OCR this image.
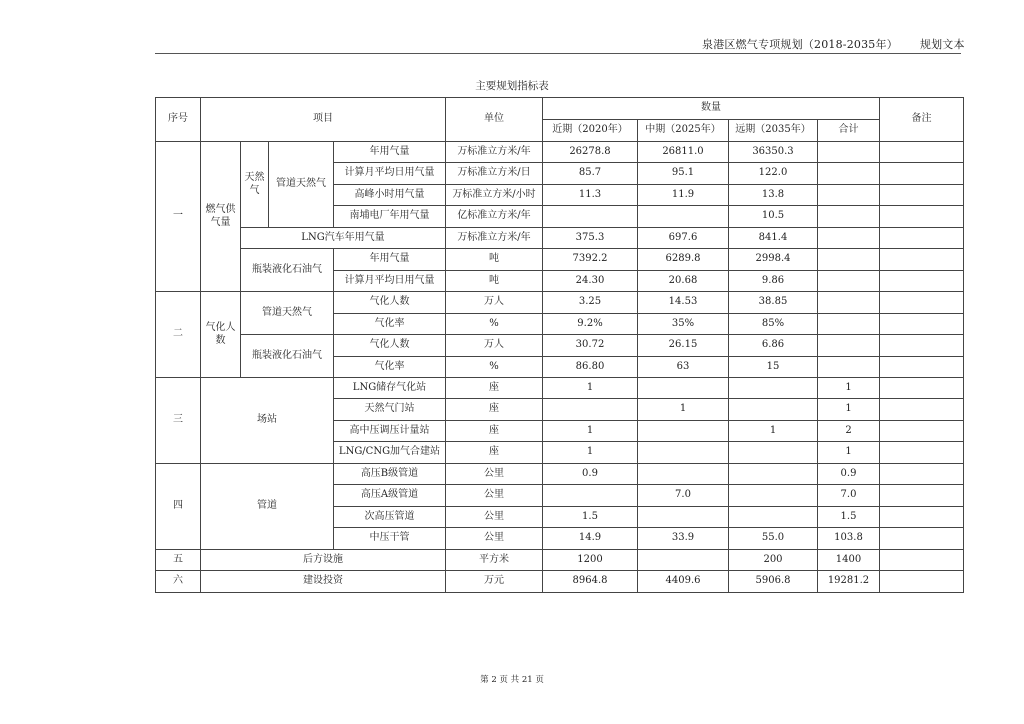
泉港区燃气专项规划（2018-2035年） 规划文本
主要规划指标表
序号	项目				单位	数量				备注
						近期（2020年）	中期（2025年）	远期（2035年）	合计	
一	燃气供气量	天然气	管道天然气	年用气量	万标准立方米/年	26278.8	26811.0	36350.3		
				计算月平均日用气量	万标准立方米/日	85.7	95.1	122.0		
				高峰小时用气量	万标准立方米/小时	11.3	11.9	13.8		
				南埔电厂年用气量	亿标准立方米/年			10.5		
		LNG汽车年用气量			万标准立方米/年	375.3	697.6	841.4		
		瓶装液化石油气		年用气量	吨	7392.2	6289.8	2998.4		
				计算月平均日用气量	吨	24.30	20.68	9.86		
二	气化人数	管道天然气		气化人数	万人	3.25	14.53	38.85		
				气化率	%	9.2%	35%	85%		
		瓶装液化石油气		气化人数	万人	30.72	26.15	6.86		
				气化率	%	86.80	63	15		
三	场站			LNG储存气化站	座	1			1	
				天然气门站	座		1		1	
				高中压调压计量站	座	1		1	2	
				LNG/CNG加气合建站	座	1			1	
四	管道			高压B级管道	公里	0.9			0.9	
				高压A级管道	公里		7.0		7.0	
				次高压管道	公里	1.5			1.5	
				中压干管	公里	14.9	33.9	55.0	103.8	
五	后方设施				平方米	1200		200	1400	
六	建设投资				万元	8964.8	4409.6	5906.8	19281.2	
第 2 页 共 21 页
